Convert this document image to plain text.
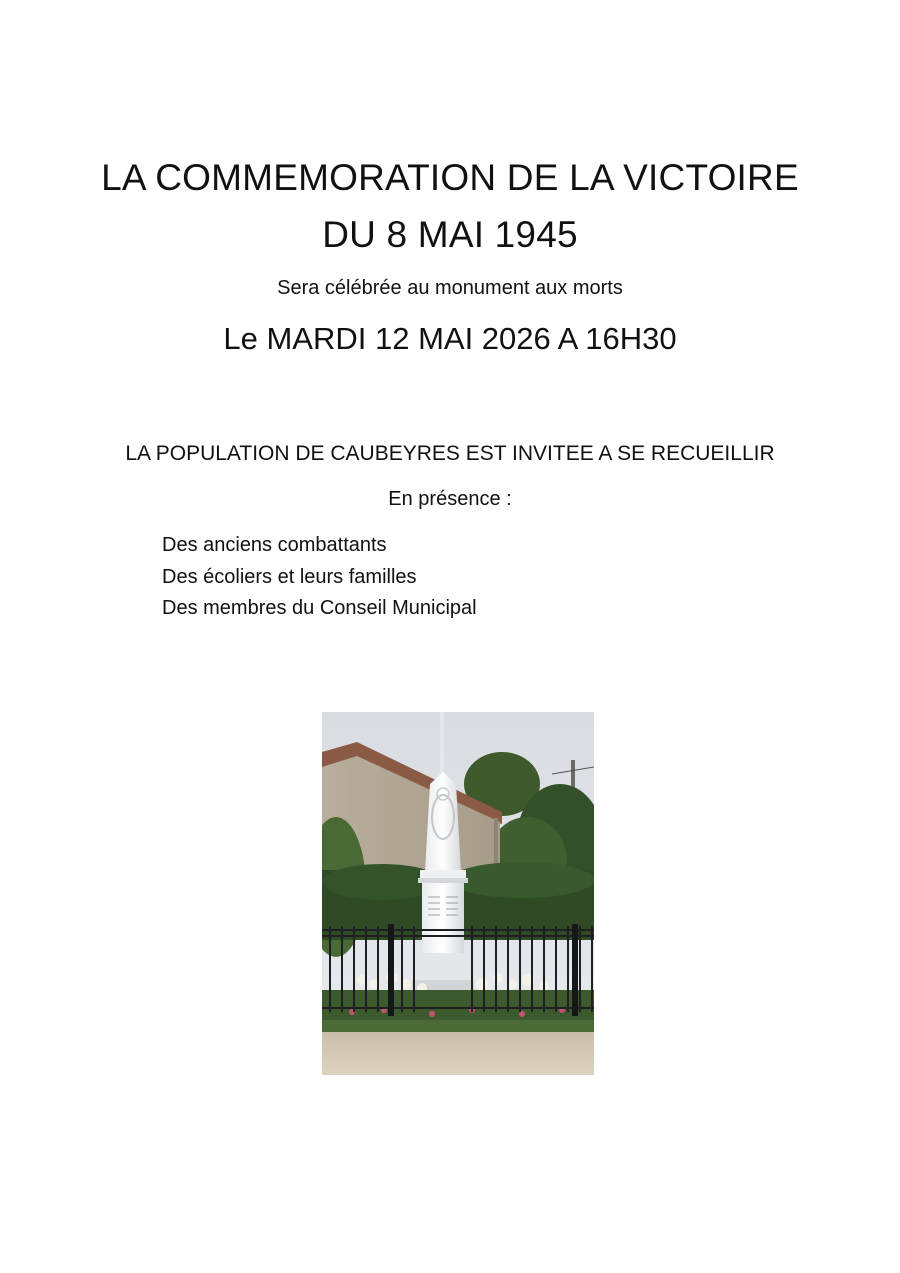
LA COMMEMORATION DE LA VICTOIRE
DU 8 MAI 1945
Sera célébrée au monument aux morts
Le MARDI 12 MAI 2026 A 16H30
LA POPULATION DE CAUBEYRES EST INVITEE A SE RECUEILLIR
En présence :
Des anciens combattants
Des écoliers et leurs familles
Des membres du Conseil Municipal
